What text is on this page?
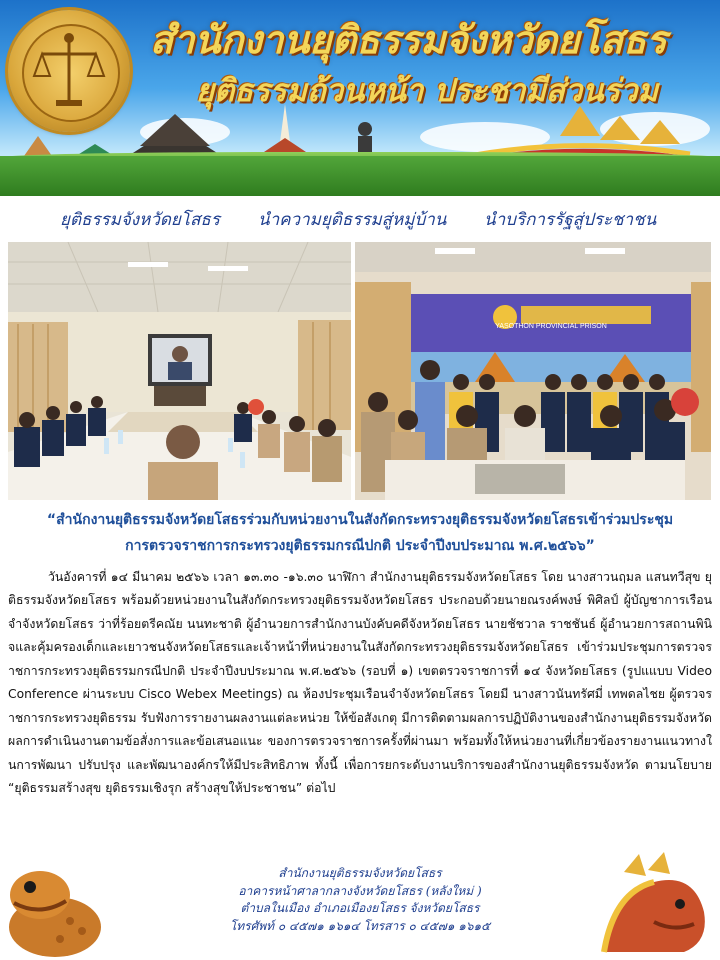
สำนักงานยุติธรรมจังหวัดยโสธร
ยุติธรรมถ้วนหน้า ประชามีส่วนร่วม
ยุติธรรมจังหวัดยโสธร นำความยุติธรรมสู่หมู่บ้าน นำบริการรัฐสู่ประชาชน
YASOTHON PROVINCIAL PRISON
“สำนักงานยุติธรรมจังหวัดยโสธรร่วมกับหน่วยงานในสังกัดกระทรวงยุติธรรมจังหวัดยโสธรเข้าร่วมประชุม
การตรวจราชการกระทรวงยุติธรรมกรณีปกติ ประจำปีงบประมาณ พ.ศ.๒๕๖๖”

วันอังคารที่ ๑๔ มีนาคม ๒๕๖๖ เวลา ๑๓.๓๐ -๑๖.๓๐ นาฬิกา สำนักงานยุติธรรมจังหวัดยโสธร โดย นางสาวนฤมล แสนทวีสุข ยุติธรรมจังหวัดยโสธร พร้อมด้วยหน่วยงานในสังกัดกระทรวงยุติธรรมจังหวัดยโสธร ประกอบด้วยนายณรงค์พงษ์ พิศิลป์ ผู้บัญชาการเรือนจำจังหวัดยโสธร ว่าที่ร้อยตรีคณัย นนทะชาติ ผู้อำนวยการสำนักงานบังคับคดีจังหวัดยโสธร นายชัชวาล ราชชันธ์ ผู้อำนวยการสถานพินิจและคุ้มครองเด็กและเยาวชนจังหวัดยโสธรและเจ้าหน้าที่หน่วยงานในสังกัดกระทรวงยุติธรรมจังหวัดยโสธร เข้าร่วมประชุมการตรวจราชการกระทรวงยุติธรรมกรณีปกติ ประจำปีงบประมาณ พ.ศ.๒๕๖๖ (รอบที่ ๑) เขตตรวจราชการที่ ๑๔ จังหวัดยโสธร (รูปแแบบ Video Conference ผ่านระบบ Cisco Webex Meetings) ณ ห้องประชุมเรือนจำจังหวัดยโสธร โดยมี นางสาวนันทรัศมี่ เทพดลไชย ผู้ตรวจราชการกระทรวงยุติธรรม รับฟังการรายงานผลงานแต่ละหน่วย ให้ข้อสังเกตุ มีการติดตามผลการปฏิบัติงานของสำนักงานยุติธรรมจังหวัด ผลการดำเนินงานตามข้อสั่งการและข้อเสนอแนะ ของการตรวจราชการครั้งที่ผ่านมา พร้อมทั้งให้หน่วยงานที่เกี่ยวข้องรายงานแนวทางในการพัฒนา ปรับปรุง และพัฒนาองค์กรให้มีประสิทธิภาพ ทั้งนี้ เพื่อการยกระดับงานบริการของสำนักงานยุติธรรมจังหวัด ตามนโยบาย “ยุติธรรมสร้างสุข ยุติธรรมเชิงรุก สร้างสุขให้ประชาชน” ต่อไป

สำนักงานยุติธรรมจังหวัดยโสธร
อาคารหน้าศาลากลางจังหวัดยโสธร (หลังใหม่ )
ตำบลในเมือง อำเภอเมืองยโสธร จังหวัดยโสธร
โทรศัพท์ ๐ ๔๕๗๑ ๑๖๑๔ โทรสาร ๐ ๔๕๗๑ ๑๖๑๕
